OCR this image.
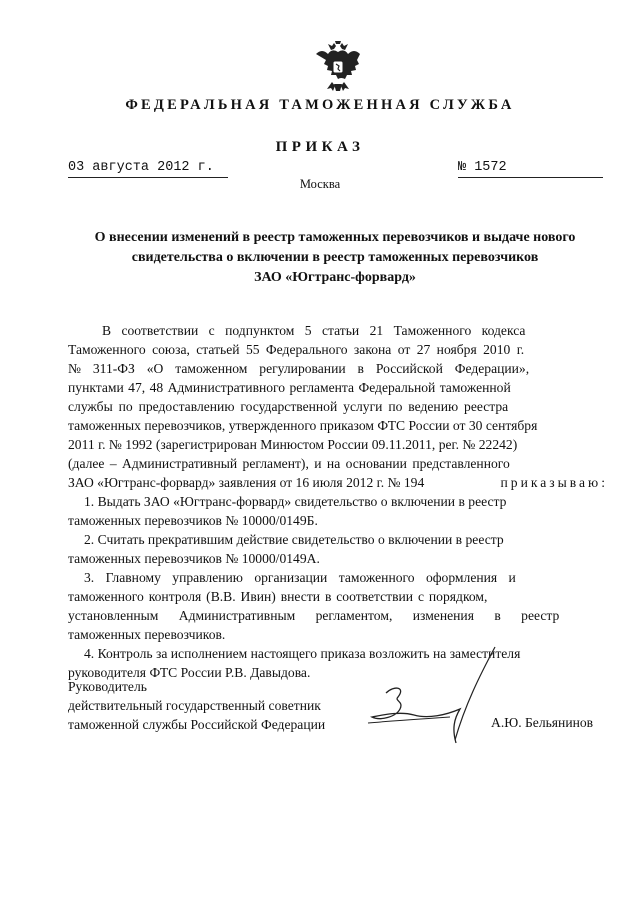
ФЕДЕРАЛЬНАЯ ТАМОЖЕННАЯ СЛУЖБА
ПРИКАЗ
03 августа 2012 г.	№ 1572
Москва
О внесении изменений в реестр таможенных перевозчиков и выдаче нового
свидетельства о включении в реестр таможенных перевозчиков
ЗАО «Югтранс-форвард»
В соответствии с подпунктом 5 статьи 21 Таможенного кодекса
Таможенного союза, статьей 55 Федерального закона от 27 ноября 2010 г.
№ 311-ФЗ «О таможенном регулировании в Российской Федерации»,
пунктами 47, 48 Административного регламента Федеральной таможенной
службы по предоставлению государственной услуги по ведению реестра
таможенных перевозчиков, утвержденного приказом ФТС России от 30 сентября
2011 г. № 1992 (зарегистрирован Минюстом России 09.11.2011, рег. № 22242)
(далее – Административный регламент), и на основании представленного
ЗАО «Югтранс-форвард» заявления от 16 июля 2012 г. № 194	приказываю:
1. Выдать ЗАО «Югтранс-форвард» свидетельство о включении в реестр
таможенных перевозчиков № 10000/0149Б.
2. Считать прекратившим действие свидетельство о включении в реестр
таможенных перевозчиков № 10000/0149А.
3. Главному управлению организации таможенного оформления и
таможенного контроля (В.В. Ивин) внести в соответствии с порядком,
установленным Административным регламентом, изменения в реестр
таможенных перевозчиков.
4. Контроль за исполнением настоящего приказа возложить на заместителя
руководителя ФТС России Р.В. Давыдова.
Руководитель
действительный государственный советник
таможенной службы Российской Федерации	А.Ю. Бельянинов
